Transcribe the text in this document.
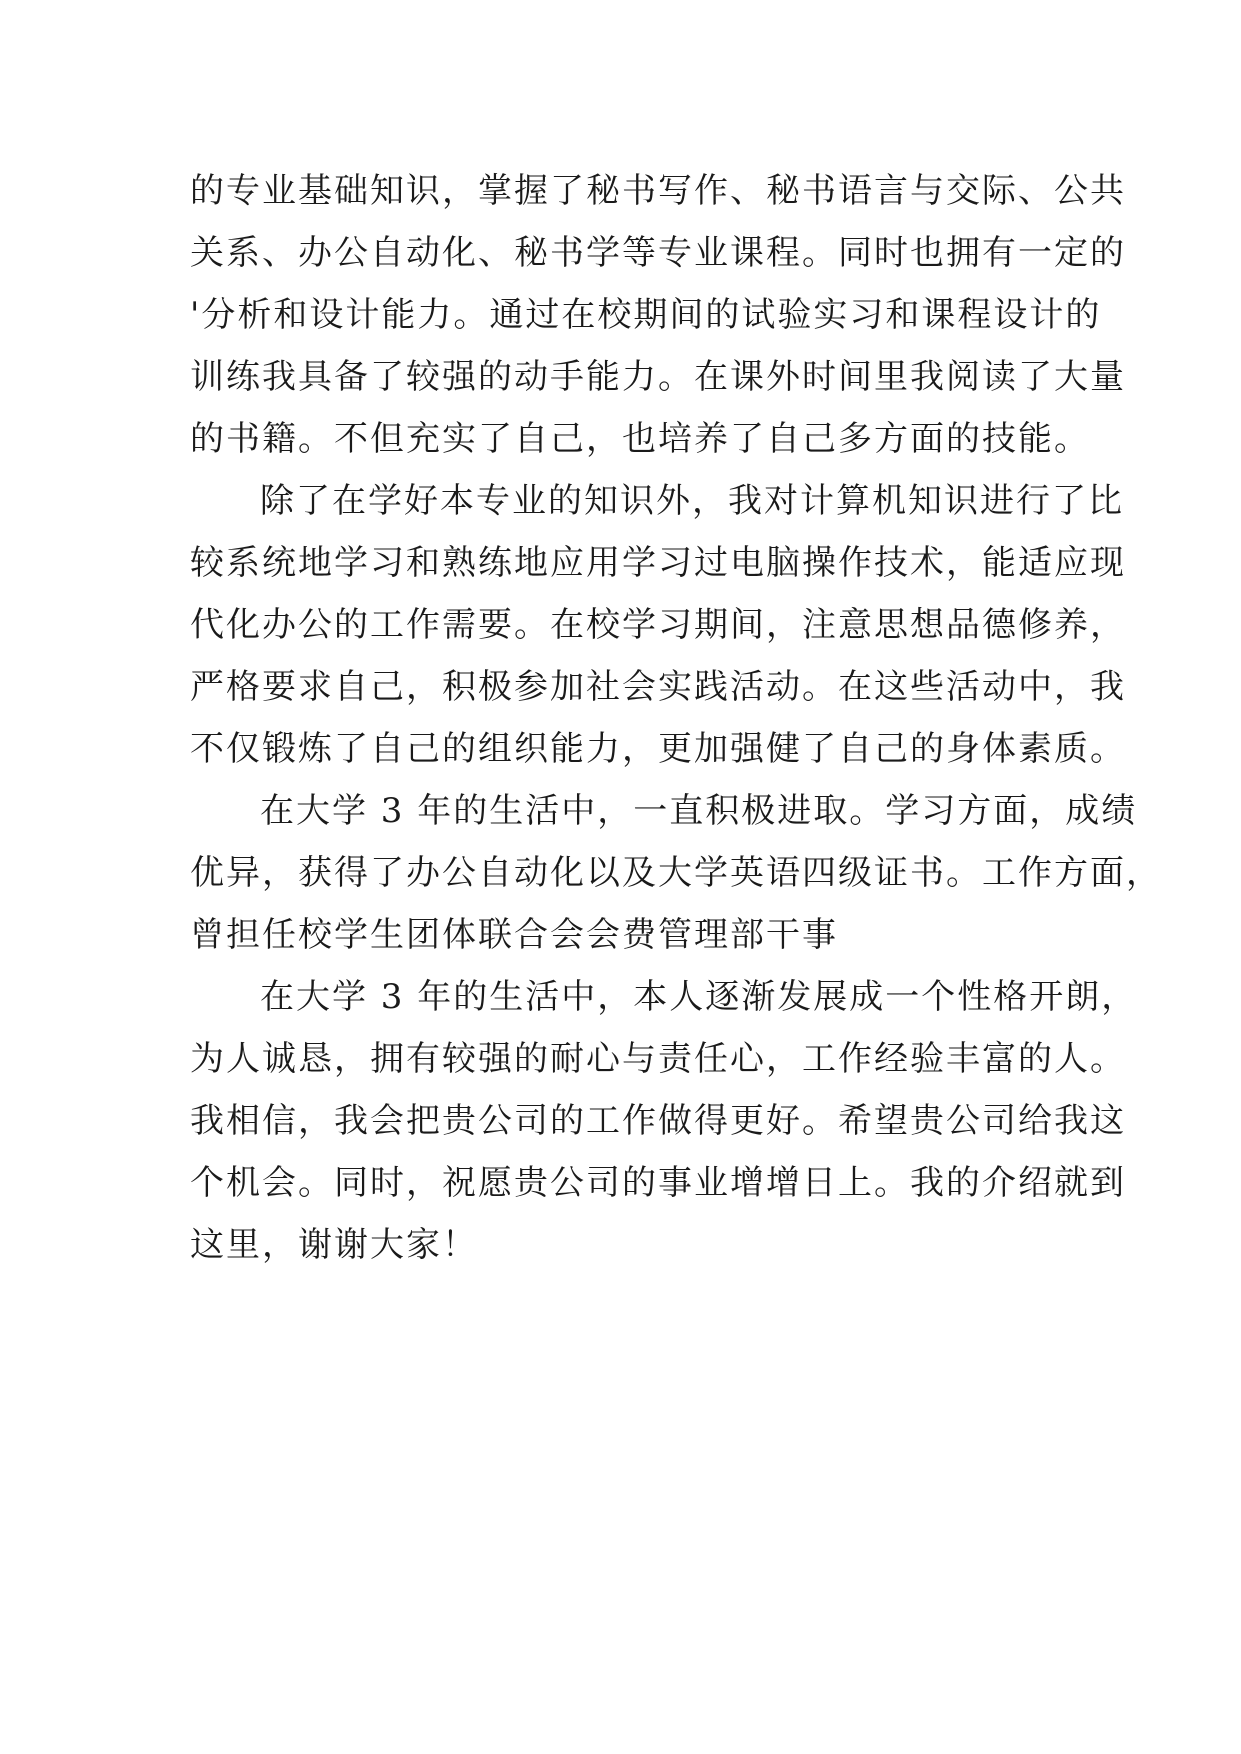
的专业基础知识，掌握了秘书写作、秘书语言与交际、公共
关系、办公自动化、秘书学等专业课程。同时也拥有一定的
'分析和设计能力。通过在校期间的试验实习和课程设计的
训练我具备了较强的动手能力。在课外时间里我阅读了大量
的书籍。不但充实了自己，也培养了自己多方面的技能。
除了在学好本专业的知识外，我对计算机知识进行了比
较系统地学习和熟练地应用学习过电脑操作技术，能适应现
代化办公的工作需要。在校学习期间，注意思想品德修养，
严格要求自己，积极参加社会实践活动。在这些活动中，我
不仅锻炼了自己的组织能力，更加强健了自己的身体素质。
在大学 3 年的生活中，一直积极进取。学习方面，成绩
优异，获得了办公自动化以及大学英语四级证书。工作方面，
曾担任校学生团体联合会会费管理部干事
在大学 3 年的生活中，本人逐渐发展成一个性格开朗，
为人诚恳，拥有较强的耐心与责任心，工作经验丰富的人。
我相信，我会把贵公司的工作做得更好。希望贵公司给我这
个机会。同时，祝愿贵公司的事业增增日上。我的介绍就到
这里，谢谢大家！
